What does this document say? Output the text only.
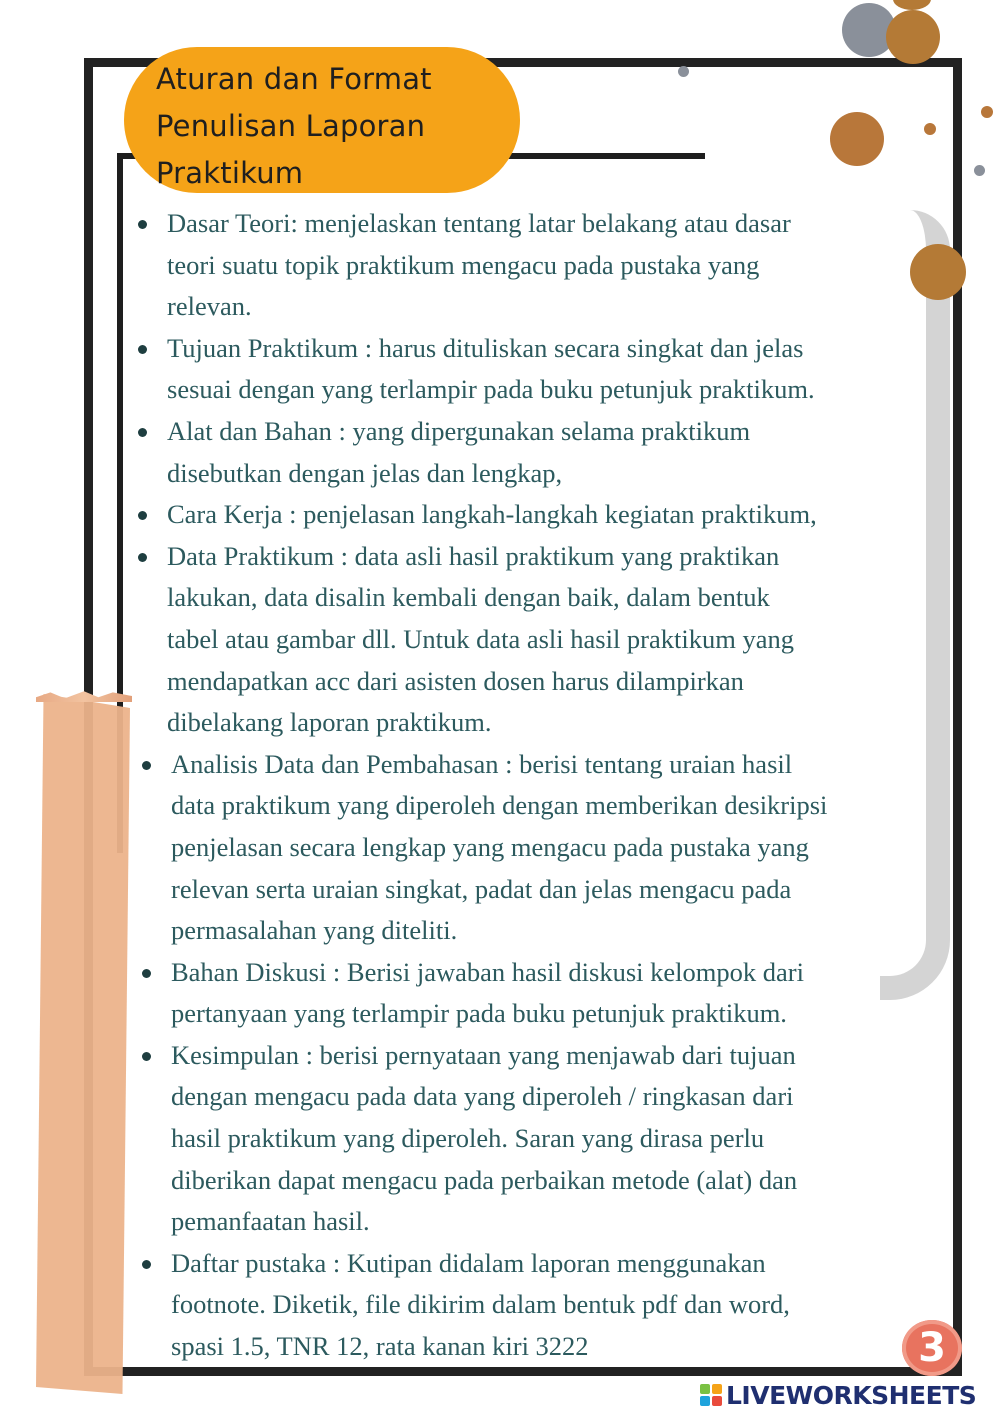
Aturan dan Format
Penulisan Laporan
Praktikum
Dasar Teori: menjelaskan tentang latar belakang atau dasar
teori suatu topik praktikum mengacu pada pustaka yang
relevan.
Tujuan Praktikum : harus dituliskan secara singkat dan jelas
sesuai dengan yang terlampir pada buku petunjuk praktikum.
Alat dan Bahan : yang dipergunakan selama praktikum
disebutkan dengan jelas dan lengkap,
Cara Kerja : penjelasan langkah-langkah kegiatan praktikum,
Data Praktikum : data asli hasil praktikum yang praktikan
lakukan, data disalin kembali dengan baik, dalam bentuk
tabel atau gambar dll. Untuk data asli hasil praktikum yang
mendapatkan acc dari asisten dosen harus dilampirkan
dibelakang laporan praktikum.
Analisis Data dan Pembahasan : berisi tentang uraian hasil
data praktikum yang diperoleh dengan memberikan desikripsi
penjelasan secara lengkap yang mengacu pada pustaka yang
relevan serta uraian singkat, padat dan jelas mengacu pada
permasalahan yang diteliti.
Bahan Diskusi : Berisi jawaban hasil diskusi kelompok dari
pertanyaan yang terlampir pada buku petunjuk praktikum.
Kesimpulan : berisi pernyataan yang menjawab dari tujuan
dengan mengacu pada data yang diperoleh / ringkasan dari
hasil praktikum yang diperoleh. Saran yang dirasa perlu
diberikan dapat mengacu pada perbaikan metode (alat) dan
pemanfaatan hasil.
Daftar pustaka : Kutipan didalam laporan menggunakan
footnote. Diketik, file dikirim dalam bentuk pdf dan word,
spasi 1.5, TNR 12, rata kanan kiri 3222	3
LIVEWORKSHEETS
